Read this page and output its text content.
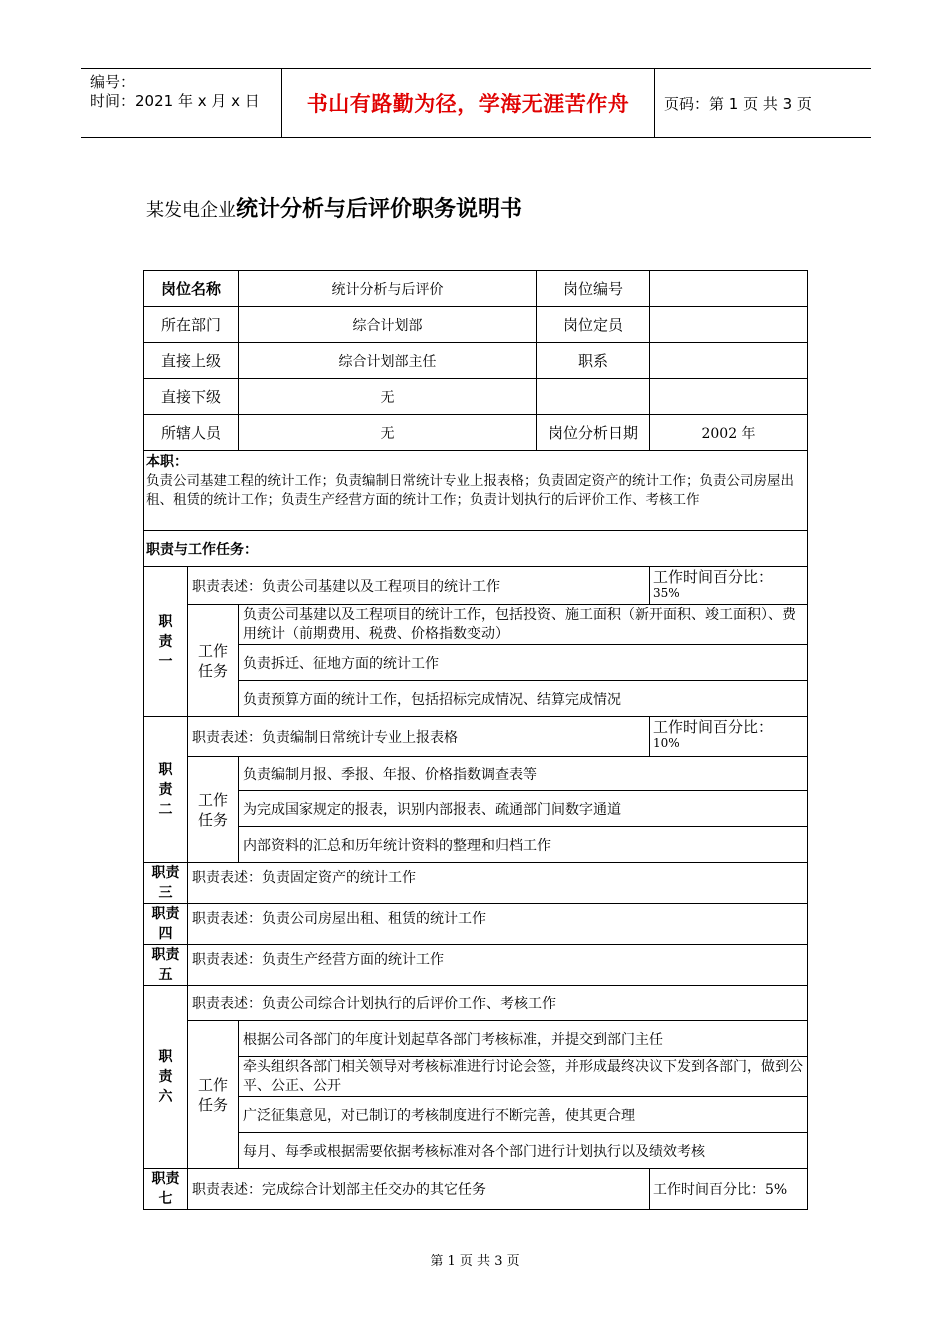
编号：
时间：2021 年 x 月 x 日	书山有路勤为径，学海无涯苦作舟	页码：第 1 页 共 3 页
某发电企业统计分析与后评价职务说明书
岗位名称		统计分析与后评价	岗位编号	
所在部门		综合计划部	岗位定员	
直接上级		综合计划部主任	职系	
直接下级		无		
所辖人员		无	岗位分析日期	2002 年

本职：
负责公司基建工程的统计工作；负责编制日常统计专业上报表格；负责固定资产的统计工作；负责公司房屋出租、租赁的统计工作；负责生产经营方面的统计工作；负责计划执行的后评价工作、考核工作				

职责与工作任务：				

职责一	职责表述：负责公司基建以及工程项目的统计工作			工作时间百分比：
35%

	工作任务	负责公司基建以及工程项目的统计工作，包括投资、施工面积（新开面积、竣工面积）、费用统计（前期费用、税费、价格指数变动）		
		负责拆迁、征地方面的统计工作		
		负责预算方面的统计工作，包括招标完成情况、结算完成情况		

职责二	职责表述：负责编制日常统计专业上报表格			工作时间百分比：
10%

	工作任务	负责编制月报、季报、年报、价格指数调查表等		
		为完成国家规定的报表，识别内部报表、疏通部门间数字通道		
		内部资料的汇总和历年统计资料的整理和归档工作		

职责三	职责表述：负责固定资产的统计工作			

职责四	职责表述：负责公司房屋出租、租赁的统计工作			

职责五	职责表述：负责生产经营方面的统计工作			

职责六	职责表述：负责公司综合计划执行的后评价工作、考核工作			

	工作任务	根据公司各部门的年度计划起草各部门考核标准，并提交到部门主任		
		牵头组织各部门相关领导对考核标准进行讨论会签，并形成最终决议下发到各部门，做到公平、公正、公开		
		广泛征集意见，对已制订的考核制度进行不断完善，使其更合理		
		每月、每季或根据需要依据考核标准对各个部门进行计划执行以及绩效考核		

职责七	职责表述：完成综合计划部主任交办的其它任务			工作时间百分比：5%
第 1 页 共 3 页
